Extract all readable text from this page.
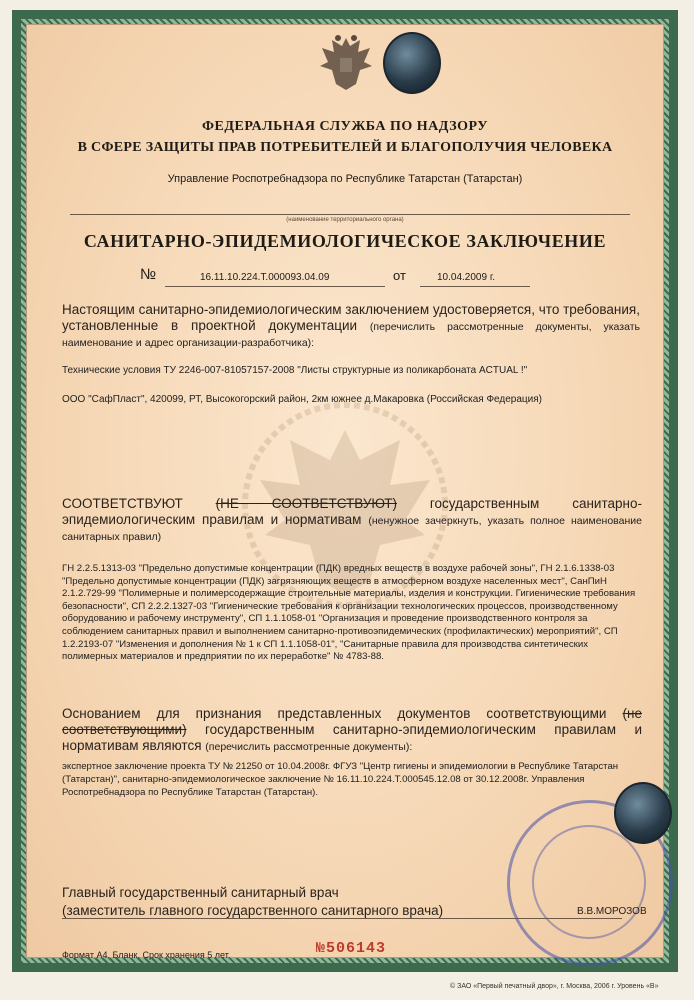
ФЕДЕРАЛЬНАЯ СЛУЖБА ПО НАДЗОРУ
В СФЕРЕ ЗАЩИТЫ ПРАВ ПОТРЕБИТЕЛЕЙ И БЛАГОПОЛУЧИЯ ЧЕЛОВЕКА
Управление Роспотребнадзора по Республике Татарстан (Татарстан)
(наименование территориального органа)
САНИТАРНО-ЭПИДЕМИОЛОГИЧЕСКОЕ ЗАКЛЮЧЕНИЕ
№	16.11.10.224.Т.000093.04.09	от	10.04.2009 г.
Настоящим санитарно-эпидемиологическим заключением удостоверяется, что требования, установленные в проектной документации (перечислить рассмотренные документы, указать наименование и адрес организации-разработчика):
Технические условия ТУ 2246-007-81057157-2008 "Листы структурные из поликарбоната ACTUAL !"
ООО "СафПласт", 420099, РТ, Высокогорский район, 2км южнее д.Макаровка (Российская Федерация)
СООТВЕТСТВУЮТ (НЕ СООТВЕТСТВУЮТ) государственным санитарно-эпидемиологическим правилам и нормативам (ненужное зачеркнуть, указать полное наименование санитарных правил)
ГН 2.2.5.1313-03 "Предельно допустимые концентрации (ПДК) вредных веществ в воздухе рабочей зоны", ГН 2.1.6.1338-03 "Предельно допустимые концентрации (ПДК) загрязняющих веществ в атмосферном воздухе населенных мест", СанПиН 2.1.2.729-99 "Полимерные и полимерсодержащие строительные материалы, изделия и конструкции. Гигиенические требования безопасности", СП 2.2.2.1327-03 "Гигиенические требования к организации технологических процессов, производственному оборудованию и рабочему инструменту", СП 1.1.1058-01 "Организация и проведение производственного контроля за соблюдением санитарных правил и выполнением санитарно-противоэпидемических (профилактических) мероприятий", СП 1.2.2193-07 "Изменения и дополнения № 1 к СП 1.1.1058-01", "Санитарные правила для производства синтетических полимерных материалов и предприятии по их переработке" № 4783-88.
Основанием для признания представленных документов соответствующими (не соответствующими) государственным санитарно-эпидемиологическим правилам и нормативам являются (перечислить рассмотренные документы):
экспертное заключение проекта ТУ № 21250 от 10.04.2008г. ФГУЗ "Центр гигиены и эпидемиологии в Республике Татарстан (Татарстан)", санитарно-эпидемиологическое заключение № 16.11.10.224.Т.000545.12.08 от 30.12.2008г. Управления Роспотребнадзора по Республике Татарстан (Татарстан).
Главный государственный санитарный врач
(заместитель главного государственного санитарного врача)	В.В.МОРОЗОВ
Формат А4. Бланк. Срок хранения 5 лет.	№506143
© ЗАО «Первый печатный двор», г. Москва, 2006 г. Уровень «В»
